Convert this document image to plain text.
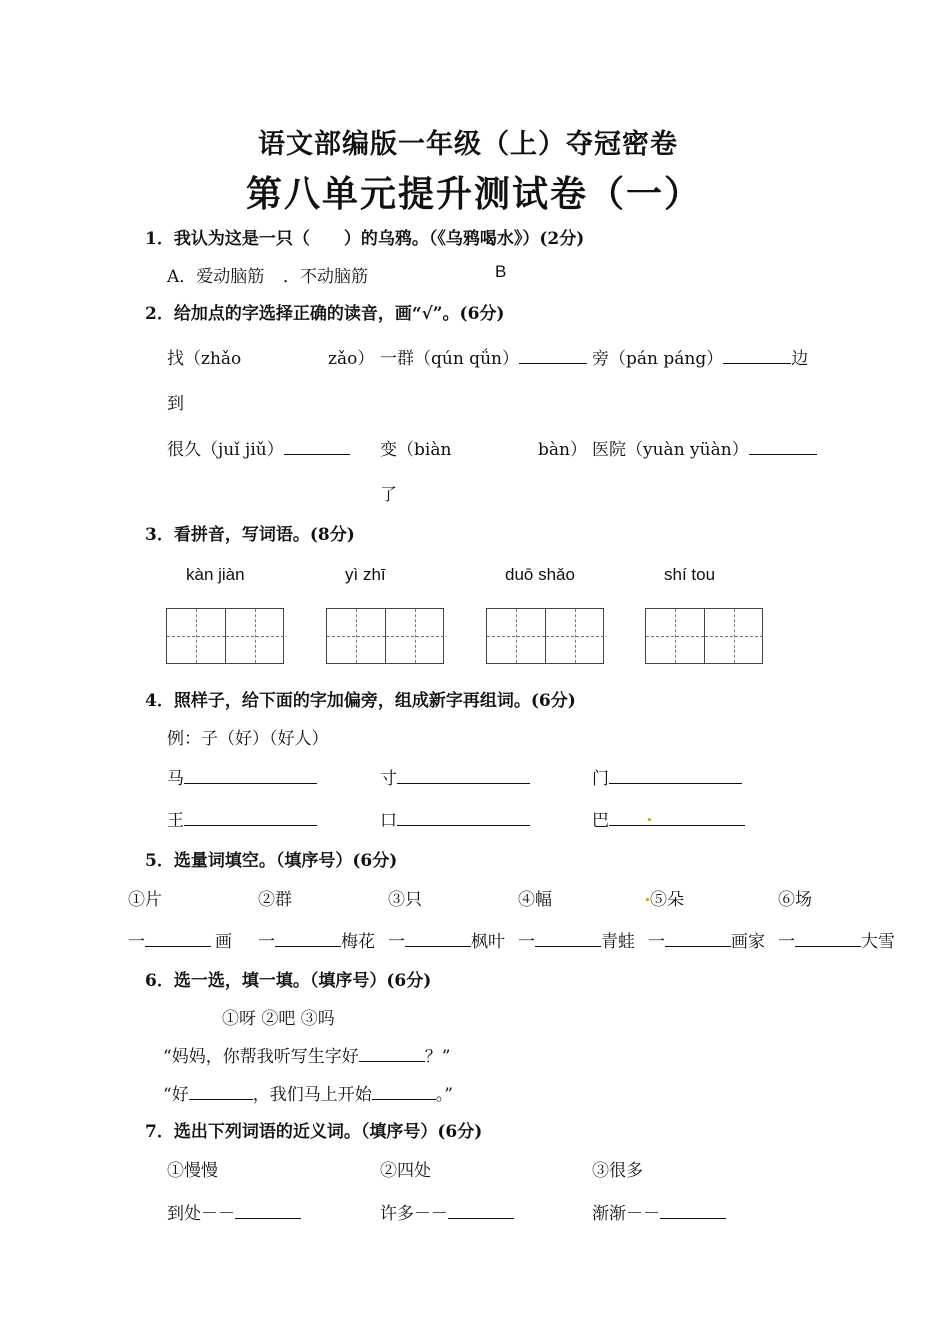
语文部编版一年级（上）夺冠密卷
第八单元提升测试卷（一）
1．我认为这是一只（　　）的乌鸦。（《乌鸦喝水》）(2分)
A．爱动脑筋 ．不动脑筋	B
2．给加点的字选择正确的读音，画“√”。(6分)
找（zhǎo	zǎo） 一群（qún qǘn）	旁（pán páng）	边
到
很久（juǐ jiǔ）	变（biàn	bàn） 医院（yuàn yüàn）
了
3．看拼音，写词语。(8分)
kàn jiàn	yì zhī	duō shǎo	shí tou
4．照样子，给下面的字加偏旁，组成新字再组词。(6分)
例：子（好）（好人）
马	寸	门
王	口	巴
5．选量词填空。（填序号）(6分)
①片	②群	③只	④幅	⑤朵	⑥场
一	画 一	梅花 一	枫叶 一	青蛙 一	画家 一	大雪
6．选一选，填一填。（填序号）(6分)
①呀 ②吧 ③吗
“妈妈，你帮我听写生字好	？”
“好	，我们马上开始	。”
7．选出下列词语的近义词。（填序号）(6分)
①慢慢	②四处	③很多
到处－－	许多－－	渐渐－－
